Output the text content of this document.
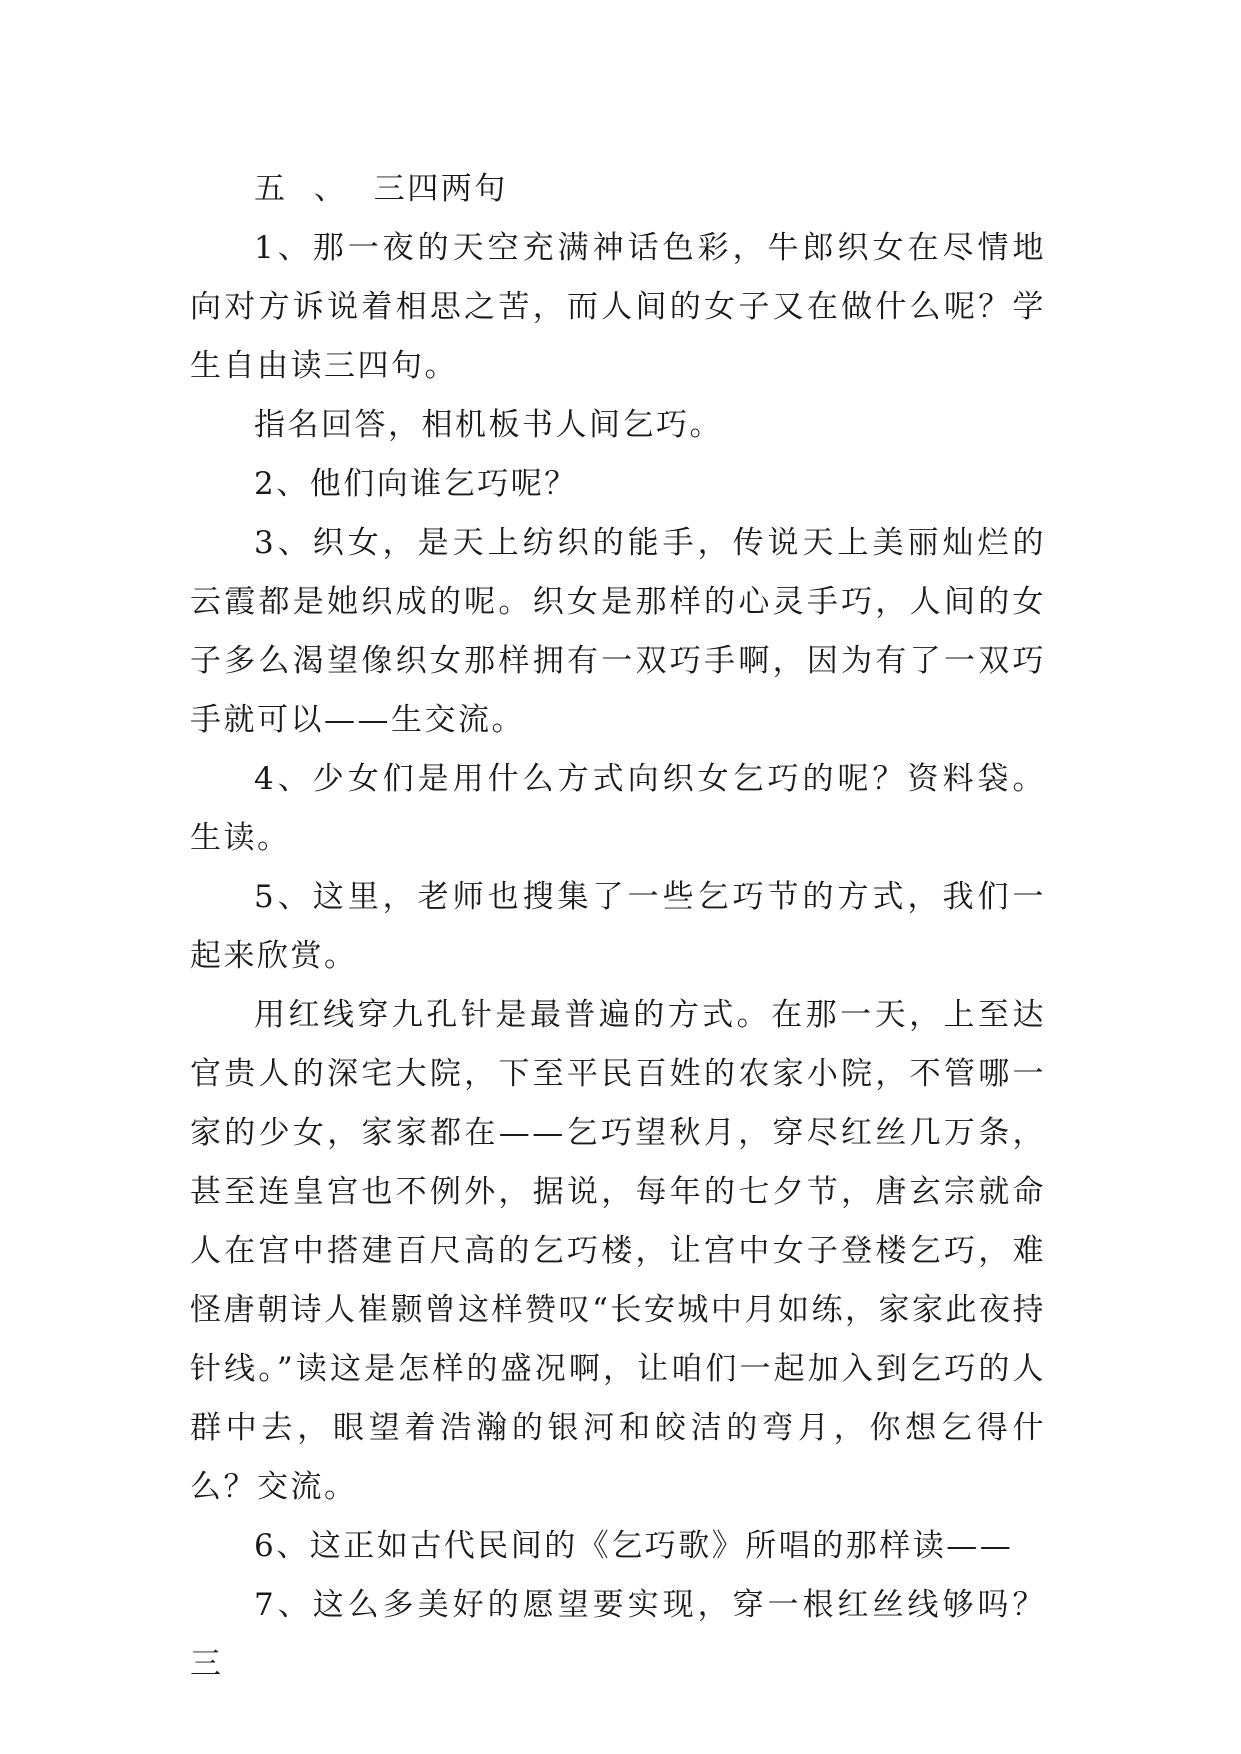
五 、 三四两句

1、那一夜的天空充满神话色彩，牛郎织女在尽情地向对方诉说着相思之苦，而人间的女子又在做什么呢？学生自由读三四句。

指名回答，相机板书人间乞巧。

2、他们向谁乞巧呢？

3、织女，是天上纺织的能手，传说天上美丽灿烂的云霞都是她织成的呢。织女是那样的心灵手巧，人间的女子多么渴望像织女那样拥有一双巧手啊，因为有了一双巧手就可以——生交流。

4、少女们是用什么方式向织女乞巧的呢？资料袋。生读。

5、这里，老师也搜集了一些乞巧节的方式，我们一起来欣赏。

用红线穿九孔针是最普遍的方式。在那一天，上至达官贵人的深宅大院，下至平民百姓的农家小院，不管哪一家的少女，家家都在——乞巧望秋月，穿尽红丝几万条，甚至连皇宫也不例外，据说，每年的七夕节，唐玄宗就命人在宫中搭建百尺高的乞巧楼，让宫中女子登楼乞巧，难怪唐朝诗人崔颢曾这样赞叹“长安城中月如练，家家此夜持针线。”读这是怎样的盛况啊，让咱们一起加入到乞巧的人群中去，眼望着浩瀚的银河和皎洁的弯月，你想乞得什么？交流。

6、这正如古代民间的《乞巧歌》所唱的那样读——

7、这么多美好的愿望要实现，穿一根红丝线够吗？三
